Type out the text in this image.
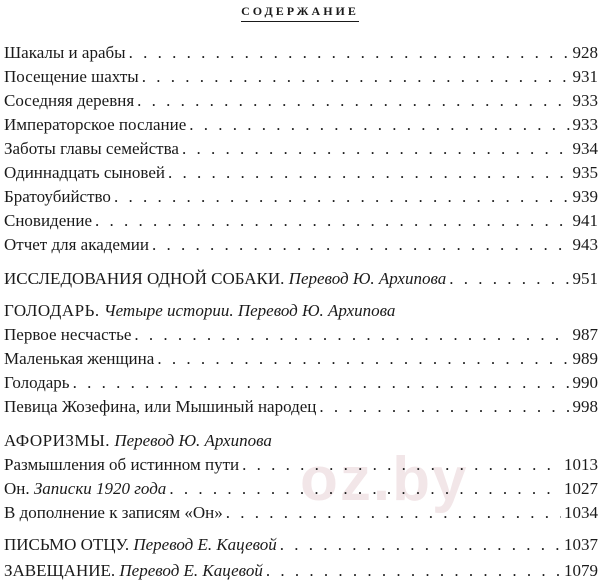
oz.by
СОДЕРЖАНИЕ
Шакалы и арабы . . .	928
Посещение шахты . . .	931
Соседняя деревня . . .	933
Императорское послание . . .	933
Заботы главы семейства . . .	934
Одиннадцать сыновей . . .	935
Братоубийство . . .	939
Сновидение . . .	941
Отчет для академии . . .	943
ИССЛЕДОВАНИЯ ОДНОЙ СОБАКИ. Перевод Ю. Архипова . . .	951
ГОЛОДАРЬ. Четыре истории. Перевод Ю. Архипова
Первое несчастье . . .	987
Маленькая женщина . . .	989
Голодарь . . .	990
Певица Жозефина, или Мышиный народец . . .	998
АФОРИЗМЫ. Перевод Ю. Архипова
Размышления об истинном пути . . .	1013
Он. Записки 1920 года . . .	1027
В дополнение к записям «Он» . . .	1034
ПИСЬМО ОТЦУ. Перевод Е. Кацевой . . .	1037
ЗАВЕЩАНИЕ. Перевод Е. Кацевой . . .	1079
